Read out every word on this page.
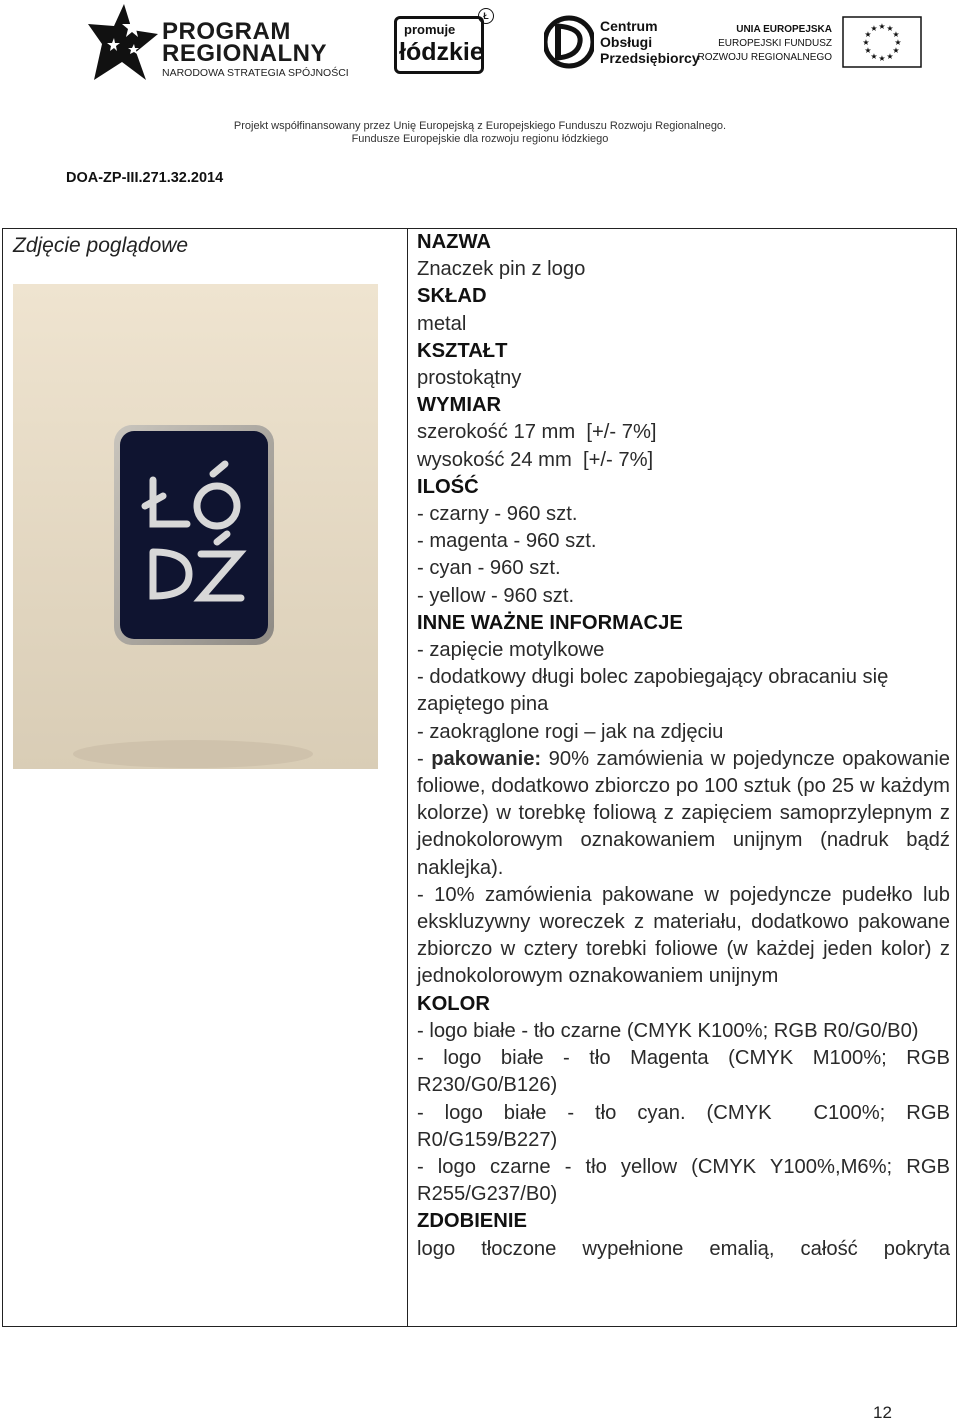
PROGRAM
REGIONALNY
NARODOWA STRATEGIA SPÓJNOŚCI
promuje
łódzkie
Ł
Centrum
Obsługi
Przedsiębiorcy
UNIA EUROPEJSKA
EUROPEJSKI FUNDUSZ
ROZWOJU REGIONALNEGO
★ ★
★
★
★
★
★
★
★
★
★
★
Projekt współfinansowany przez Unię Europejską z Europejskiego Funduszu Rozwoju Regionalnego.
Fundusze Europejskie dla rozwoju regionu łódzkiego
DOA-ZP-III.271.32.2014
Zdjęcie poglądowe	NAZWA
Znaczek pin z logo
SKŁAD
metal
KSZTAŁT
prostokątny
WYMIAR
szerokość 17 mm  [+/- 7%]
wysokość 24 mm  [+/- 7%]
ILOŚĆ
- czarny - 960 szt.
- magenta - 960 szt.
- cyan - 960 szt.
- yellow - 960 szt.
INNE WAŻNE INFORMACJE
- zapięcie motylkowe
- dodatkowy długi bolec zapobiegający obracaniu się zapiętego pina
- zaokrąglone rogi – jak na zdjęciu
- pakowanie: 90% zamówienia w pojedyncze opakowanie foliowe, dodatkowo zbiorczo po 100 sztuk (po 25 w każdym kolorze) w torebkę foliową z zapięciem samoprzylepnym z jednokolorowym oznakowaniem unijnym (nadruk bądź naklejka).
- 10% zamówienia pakowane w pojedyncze pudełko lub ekskluzywny woreczek z materiału, dodatkowo pakowane zbiorczo w cztery torebki foliowe (w każdej jeden kolor) z jednokolorowym oznakowaniem unijnym
KOLOR
- logo białe - tło czarne (CMYK K100%; RGB R0/G0/B0)
- logo białe - tło Magenta (CMYK M100%; RGB R230/G0/B126)
- logo białe - tło cyan. (CMYK  C100%; RGB R0/G159/B227)
- logo czarne - tło yellow (CMYK Y100%,M6%; RGB R255/G237/B0)
ZDOBIENIE
logo tłoczone wypełnione emalią, całość pokryta
12
